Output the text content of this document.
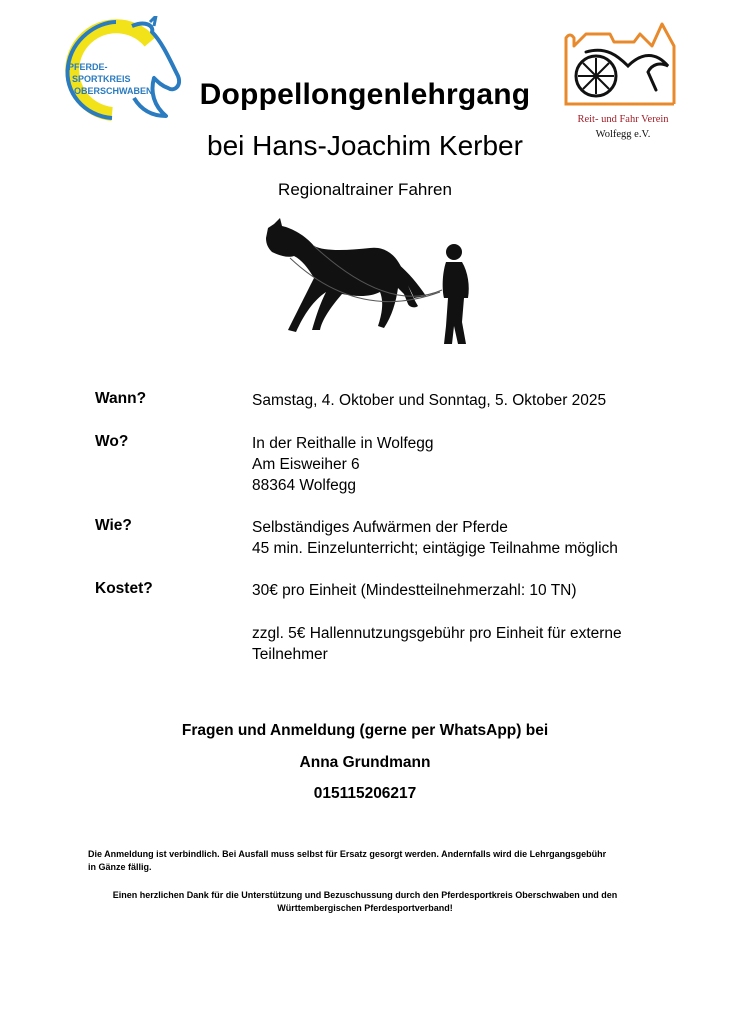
PFERDE-
SPORTKREIS
OBERSCHWABEN
Reit- und Fahr Verein
Wolfegg e.V.
Doppellongenlehrgang
bei Hans-Joachim Kerber
Regionaltrainer Fahren
Wann?	Samstag, 4. Oktober und Sonntag, 5. Oktober 2025
Wo?	In der Reithalle in Wolfegg
Am Eisweiher 6
88364 Wolfegg
Wie?	Selbständiges Aufwärmen der Pferde
45 min. Einzelunterricht; eintägige Teilnahme möglich
Kostet?	30€ pro Einheit (Mindestteilnehmerzahl: 10 TN)
zzgl. 5€ Hallennutzungsgebühr pro Einheit für externe
Teilnehmer
Fragen und Anmeldung (gerne per WhatsApp) bei
Anna Grundmann
015115206217
Die Anmeldung ist verbindlich. Bei Ausfall muss selbst für Ersatz gesorgt werden. Andernfalls wird die Lehrgangsgebühr
in Gänze fällig.
Einen herzlichen Dank für die Unterstützung und Bezuschussung durch den Pferdesportkreis Oberschwaben und den
Württembergischen Pferdesportverband!
